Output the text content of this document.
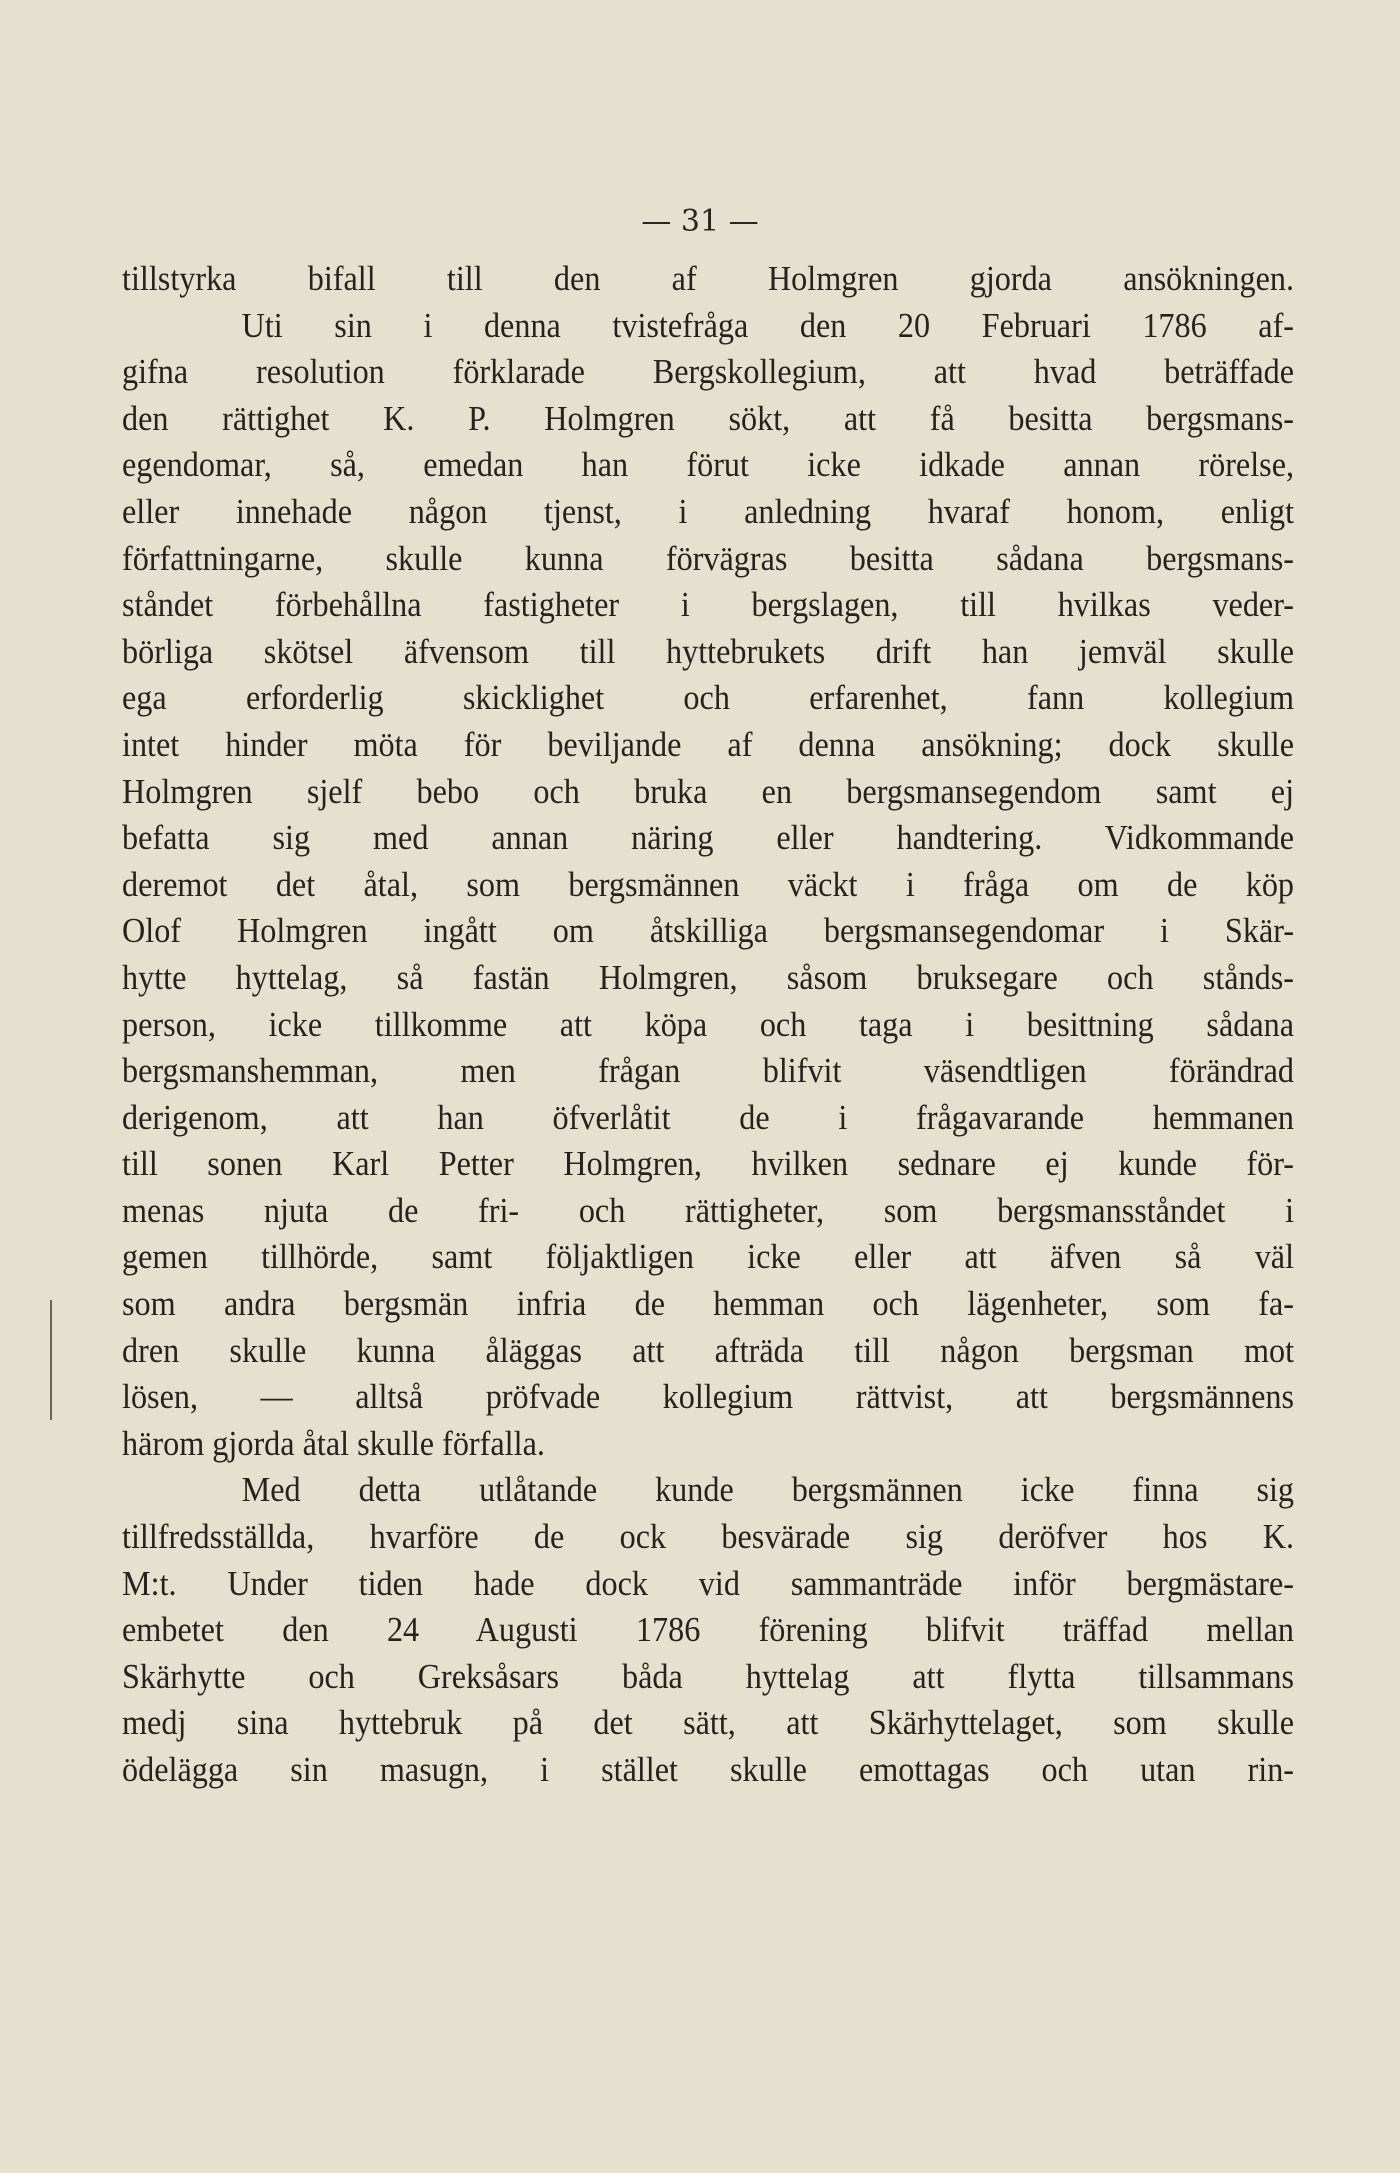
— 31 —
tillstyrka bifall till den af Holmgren gjorda ansökningen.
Uti sin i denna tvistefråga den 20 Februari 1786 af-
gifna resolution förklarade Bergskollegium, att hvad beträffade
den rättighet K. P. Holmgren sökt, att få besitta bergsmans-
egendomar, så, emedan han förut icke idkade annan rörelse,
eller innehade någon tjenst, i anledning hvaraf honom, enligt
författningarne, skulle kunna förvägras besitta sådana bergsmans-
ståndet förbehållna fastigheter i bergslagen, till hvilkas veder-
börliga skötsel äfvensom till hyttebrukets drift han jemväl skulle
ega erforderlig skicklighet och erfarenhet, fann kollegium
intet hinder möta för beviljande af denna ansökning; dock skulle
Holmgren sjelf bebo och bruka en bergsmansegendom samt ej
befatta sig med annan näring eller handtering. Vidkommande
deremot det åtal, som bergsmännen väckt i fråga om de köp
Olof Holmgren ingått om åtskilliga bergsmansegendomar i Skär-
hytte hyttelag, så fastän Holmgren, såsom bruksegare och stånds-
person, icke tillkomme att köpa och taga i besittning sådana
bergsmanshemman, men frågan blifvit väsendtligen förändrad
derigenom, att han öfverlåtit de i frågavarande hemmanen
till sonen Karl Petter Holmgren, hvilken sednare ej kunde för-
menas njuta de fri- och rättigheter, som bergsmansståndet i
gemen tillhörde, samt följaktligen icke eller att äfven så väl
som andra bergsmän infria de hemman och lägenheter, som fa-
dren skulle kunna åläggas att afträda till någon bergsman mot
lösen, — alltså pröfvade kollegium rättvist, att bergsmännens
härom gjorda åtal skulle förfalla.
Med detta utlåtande kunde bergsmännen icke finna sig
tillfredsställda, hvarföre de ock besvärade sig deröfver hos K.
M:t. Under tiden hade dock vid sammanträde inför bergmästare-
embetet den 24 Augusti 1786 förening blifvit träffad mellan
Skärhytte och Greksåsars båda hyttelag att flytta tillsammans
medj sina hyttebruk på det sätt, att Skärhyttelaget, som skulle
ödelägga sin masugn, i stället skulle emottagas och utan rin-
